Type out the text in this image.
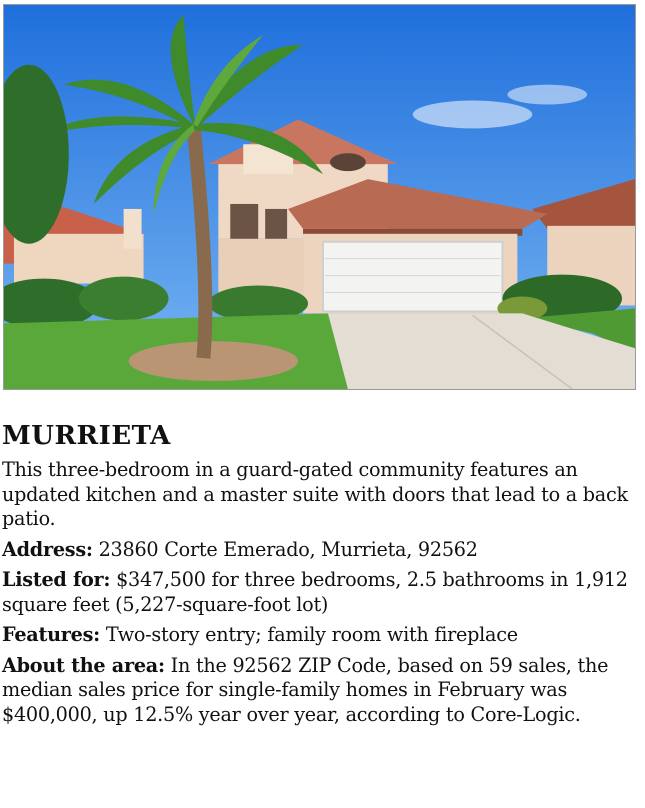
MURRIETA

This three-bedroom in a guard-gated community features an updated kitchen and a master suite with doors that lead to a back patio.

Address: 23860 Corte Emerado, Murrieta, 92562

Listed for: $347,500 for three bedrooms, 2.5 bathrooms in 1,912 square feet (5,227-square-foot lot)

Features: Two-story entry; family room with fireplace

About the area: In the 92562 ZIP Code, based on 59 sales, the median sales price for single-family homes in February was $400,000, up 12.5% year over year, according to Core-Logic.
